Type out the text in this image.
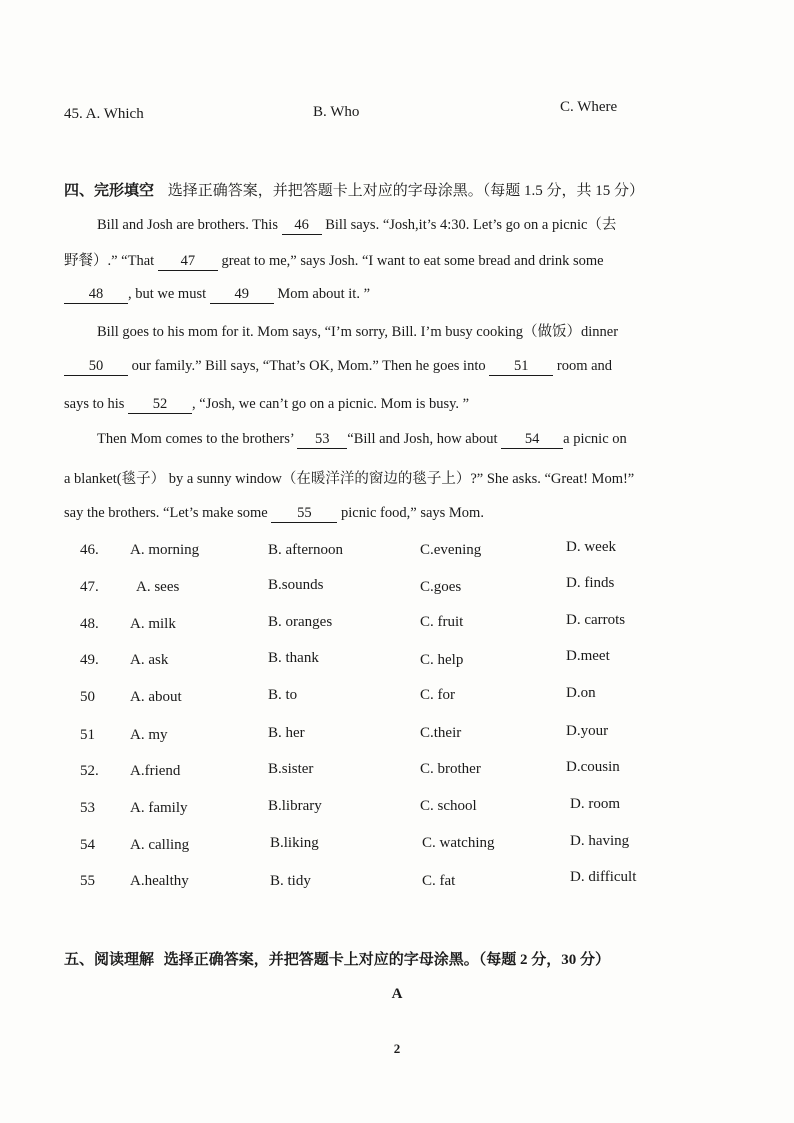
45. A. Which	B. Who	C. Where
四、完形填空 选择正确答案，并把答题卡上对应的字母涂黑。（每题 1.5 分，共 15 分）
Bill and Josh are brothers. This 46 Bill says. “Josh,it’s 4:30. Let’s go on a picnic（去
野餐）.” “That 47 great to me,” says Josh. “I want to eat some bread and drink some
48 , but we must 49 Mom about it. ”
Bill goes to his mom for it. Mom says, “I’m sorry, Bill. I’m busy cooking（做饭）dinner
50 our family.” Bill says, “That’s OK, Mom.” Then he goes into 51 room and
says to his 52 , “Josh, we can’t go on a picnic. Mom is busy. ”
Then Mom comes to the brothers’ 53 “Bill and Josh, how about 54 a picnic on
a blanket(毯子） by a sunny window（在暖洋洋的窗边的毯子上）?” She asks. “Great! Mom!”
say the brothers. “Let’s make some 55 picnic food,” says Mom.
46. A. morning	B. afternoon	C.evening	D. week
47. A. sees	B.sounds	C.goes	D. finds
48. A. milk	B. oranges	C. fruit	D. carrots
49. A. ask	B. thank	C. help	D.meet
50 A. about	B. to	C. for	D.on
51 A. my	B. her	C.their	D.your
52. A.friend	B.sister	C. brother	D.cousin
53 A. family	B.library	C. school	D. room
54 A. calling	B.liking	C. watching	D. having
55 A.healthy	B. tidy	C. fat	D. difficult
五、阅读理解 选择正确答案，并把答题卡上对应的字母涂黑。（每题 2 分，30 分）
A
2
